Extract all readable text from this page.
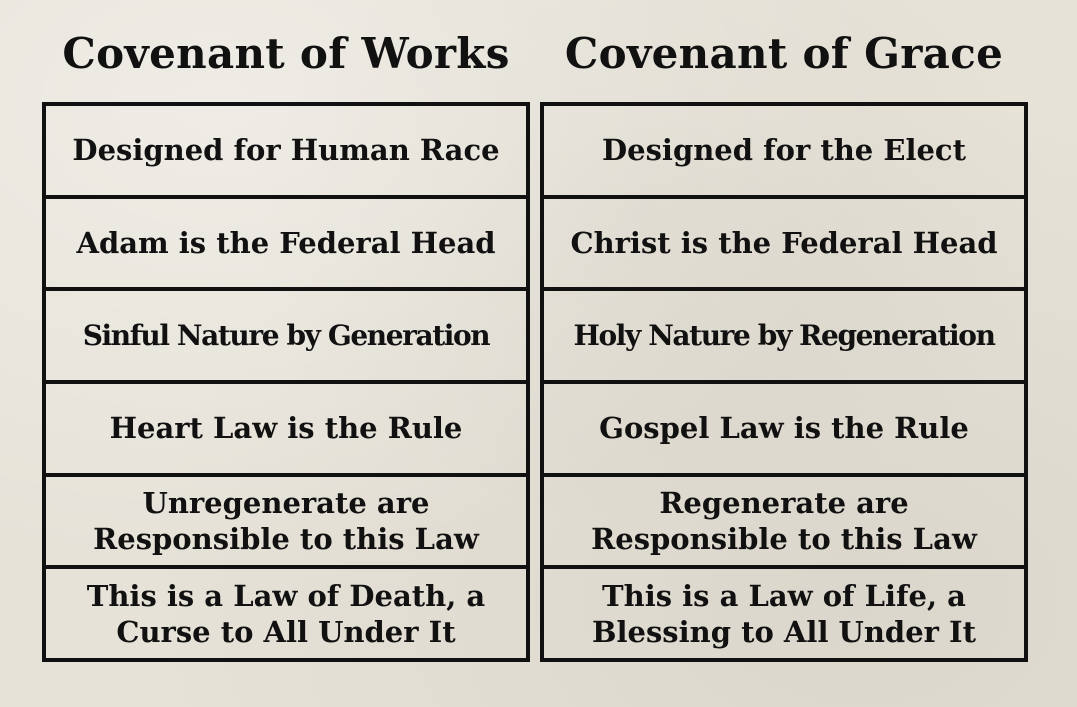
Covenant of Works
Designed for Human Race
Adam is the Federal Head
Sinful Nature by Generation
Heart Law is the Rule
Unregenerate are
Responsible to this Law
This is a Law of Death, a
Curse to All Under It
Covenant of Grace
Designed for the Elect
Christ is the Federal Head
Holy Nature by Regeneration
Gospel Law is the Rule
Regenerate are
Responsible to this Law
This is a Law of Life, a
Blessing to All Under It
